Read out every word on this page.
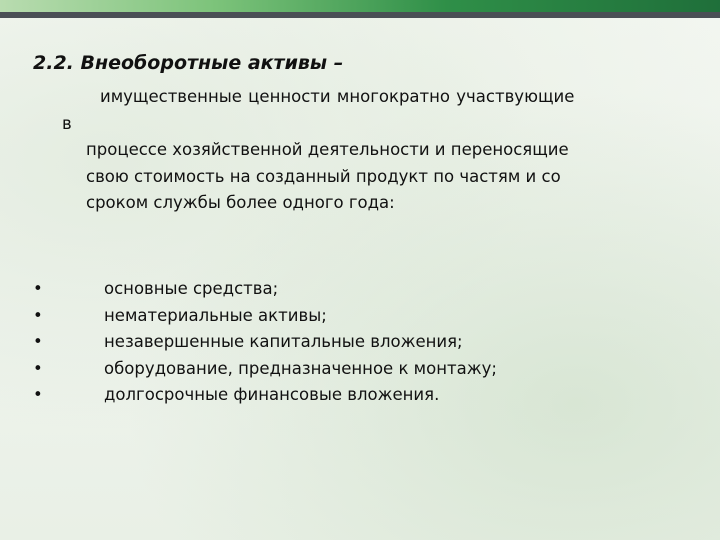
2.2. Внеоборотные активы –

имущественные ценности многократно участвующие
в
процессе хозяйственной деятельности и переносящие
свою стоимость на созданный продукт по частям и со
сроком службы более одного года:

•	основные средства;
•	нематериальные активы;
•	незавершенные капитальные вложения;
•	оборудование, предназначенное к монтажу;
•	долгосрочные финансовые вложения.
